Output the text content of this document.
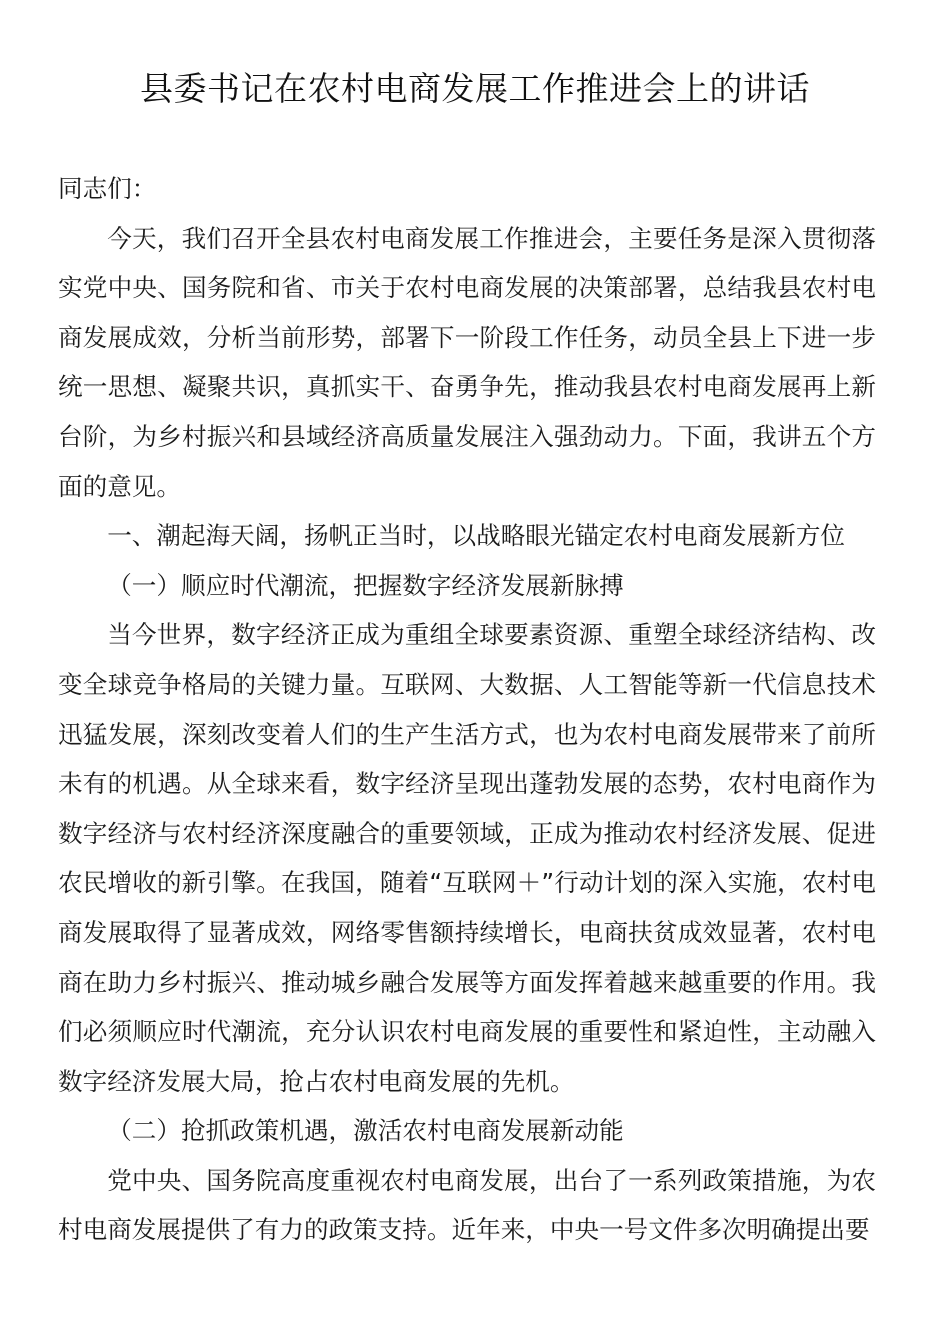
县委书记在农村电商发展工作推进会上的讲话

同志们：

今天，我们召开全县农村电商发展工作推进会，主要任务是深入贯彻落实党中央、国务院和省、市关于农村电商发展的决策部署，总结我县农村电商发展成效，分析当前形势，部署下一阶段工作任务，动员全县上下进一步统一思想、凝聚共识，真抓实干、奋勇争先，推动我县农村电商发展再上新台阶，为乡村振兴和县域经济高质量发展注入强劲动力。下面，我讲五个方面的意见。

一、潮起海天阔，扬帆正当时，以战略眼光锚定农村电商发展新方位

（一）顺应时代潮流，把握数字经济发展新脉搏

当今世界，数字经济正成为重组全球要素资源、重塑全球经济结构、改变全球竞争格局的关键力量。互联网、大数据、人工智能等新一代信息技术迅猛发展，深刻改变着人们的生产生活方式，也为农村电商发展带来了前所未有的机遇。从全球来看，数字经济呈现出蓬勃发展的态势，农村电商作为数字经济与农村经济深度融合的重要领域，正成为推动农村经济发展、促进农民增收的新引擎。在我国，随着“互联网＋”行动计划的深入实施，农村电商发展取得了显著成效，网络零售额持续增长，电商扶贫成效显著，农村电商在助力乡村振兴、推动城乡融合发展等方面发挥着越来越重要的作用。我们必须顺应时代潮流，充分认识农村电商发展的重要性和紧迫性，主动融入数字经济发展大局，抢占农村电商发展的先机。

（二）抢抓政策机遇，激活农村电商发展新动能

党中央、国务院高度重视农村电商发展，出台了一系列政策措施，为农村电商发展提供了有力的政策支持。近年来，中央一号文件多次明确提出要
